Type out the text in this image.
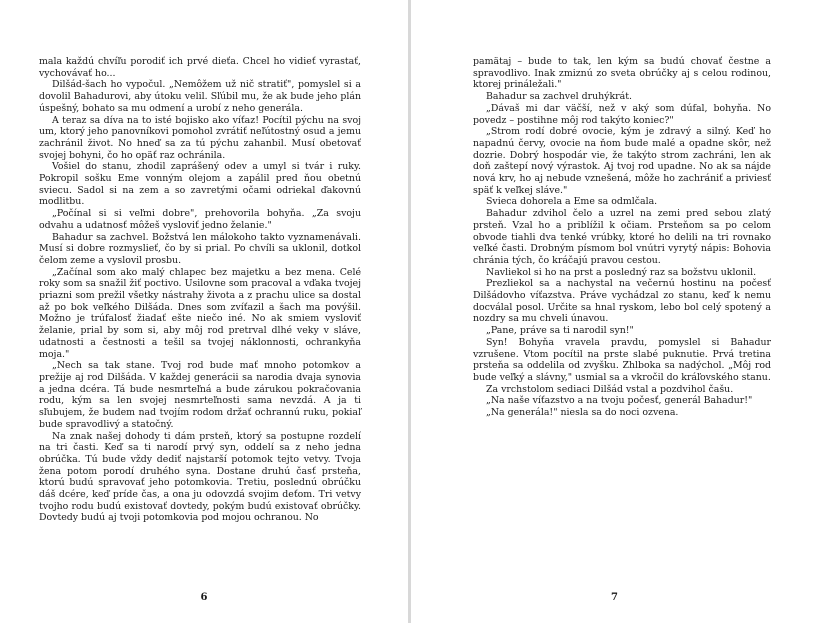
mala každú chvíľu porodiť ich prvé dieťa. Chcel ho vidieť vyrastať, vychovávať ho...

Dilšád-šach ho vypočul. „Nemôžem už nič stratiť", pomyslel si a dovolil Bahadurovi, aby útoku velil. Sľúbil mu, že ak bude jeho plán úspešný, bohato sa mu odmení a urobí z neho generála.

A teraz sa díva na to isté bojisko ako víťaz! Pocítil pýchu na svoj um, ktorý jeho panovníkovi pomohol zvrátiť neľútostný osud a jemu zachránil život. No hneď sa za tú pýchu zahanbil. Musí obetovať svojej bohyni, čo ho opäť raz ochránila.

Vošiel do stanu, zhodil zaprášený odev a umyl si tvár i ruky. Pokropil sošku Eme vonným olejom a zapálil pred ňou obetnú sviecu. Sadol si na zem a so zavretými očami odriekal ďakovnú modlitbu.

„Počínal si si veľmi dobre", prehovorila bohyňa. „Za svoju odvahu a udatnosť môžeš vysloviť jedno želanie."

Bahadur sa zachvel. Božstvá len málokoho takto vyznamenávali. Musí si dobre rozmyslieť, čo by si prial. Po chvíli sa uklonil, dotkol čelom zeme a vyslovil prosbu.

„Začínal som ako malý chlapec bez majetku a bez mena. Celé roky som sa snažil žiť poctivo. Usilovne som pracoval a vďaka tvojej priazni som prežil všetky nástrahy života a z prachu ulice sa dostal až po bok veľkého Dilšáda. Dnes som zvíťazil a šach ma povýšil. Možno je trúfalosť žiadať ešte niečo iné. No ak smiem vysloviť želanie, prial by som si, aby môj rod pretrval dlhé veky v sláve, udatnosti a čestnosti a tešil sa tvojej náklonnosti, ochrankyňa moja."

„Nech sa tak stane. Tvoj rod bude mať mnoho potomkov a prežije aj rod Dilšáda. V každej generácii sa narodia dvaja synovia a jedna dcéra. Tá bude nesmrteľná a bude zárukou pokračovania rodu, kým sa len svojej nesmrteľnosti sama nevzdá. A ja ti sľubujem, že budem nad tvojím rodom držať ochrannú ruku, pokiaľ bude spravodlivý a statočný.

Na znak našej dohody ti dám prsteň, ktorý sa postupne rozdelí na tri časti. Keď sa ti narodí prvý syn, oddelí sa z neho jedna obrúčka. Tú bude vždy dediť najstarší potomok tejto vetvy. Tvoja žena potom porodí druhého syna. Dostane druhú časť prsteňa, ktorú budú spravovať jeho potomkovia. Tretiu, poslednú obrúčku dáš dcére, keď príde čas, a ona ju odovzdá svojim deťom. Tri vetvy tvojho rodu budú existovať dovtedy, pokým budú existovať obrúčky. Dovtedy budú aj tvoji potomkovia pod mojou ochranou. No

6

pamätaj – bude to tak, len kým sa budú chovať čestne a spravodlivo. Inak zmiznú zo sveta obrúčky aj s celou rodinou, ktorej prináležali."

Bahadur sa zachvel druhýkrát.

„Dávaš mi dar väčší, než v aký som dúfal, bohyňa. No povedz – postihne môj rod takýto koniec?"

„Strom rodí dobré ovocie, kým je zdravý a silný. Keď ho napadnú červy, ovocie na ňom bude malé a opadne skôr, než dozrie. Dobrý hospodár vie, že takýto strom zachráni, len ak doň zaštepí nový výrastok. Aj tvoj rod upadne. No ak sa nájde nová krv, ho aj nebude vznešená, môže ho zachrániť a priviesť späť k veľkej sláve."

Svieca dohorela a Eme sa odmlčala.

Bahadur zdvihol čelo a uzrel na zemi pred sebou zlatý prsteň. Vzal ho a priblížil k očiam. Prsteňom sa po celom obvode tiahli dva tenké vrúbky, ktoré ho delili na tri rovnako veľké časti. Drobným písmom bol vnútri vyrytý nápis: Bohovia chránia tých, čo kráčajú pravou cestou.

Navliekol si ho na prst a posledný raz sa božstvu uklonil.

Prezliekol sa a nachystal na večernú hostinu na počesť Dilšádovho víťazstva. Práve vychádzal zo stanu, keď k nemu docválal posol. Určite sa hnal ryskom, lebo bol celý spotený a nozdry sa mu chveli únavou.

„Pane, práve sa ti narodil syn!"

Syn! Bohyňa vravela pravdu, pomyslel si Bahadur vzrušene. Vtom pocítil na prste slabé puknutie. Prvá tretina prsteňa sa oddelila od zvyšku. Zhlboka sa nadýchol. „Môj rod bude veľký a slávny," usmial sa a vkročil do kráľovského stanu.

Za vrchstolom sediaci Dilšád vstal a pozdvihol čašu.

„Na naše víťazstvo a na tvoju počesť, generál Bahadur!"

„Na generála!" niesla sa do noci ozvena.

7
